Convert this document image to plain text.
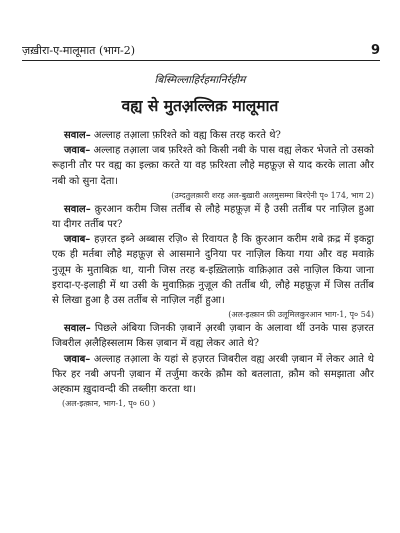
ज़ख़ीरा-ए-मालूमात (भाग-2)	9
बिस्मिल्लाहिर्रहमानिर्रहीम
वह्य से मुतअ़ल्लिक़ मालूमात
सवाल– अल्लाह तआ़ला फ़रिश्ते को वह्य किस तरह करते थे?
जवाब– अल्लाह तआ़ला जब फ़रिश्ते को किसी नबी के पास वह्य लेकर भेजते तो उसको रूहानी तौर पर वह्य का इल्क़ा करते या वह फ़रिश्ता लौहे महफ़ूज़ से याद करके लाता और नबी को सुना देता।
(उम्दतुलक़ारी शरह अल-बुख़ारी अलमुसम्मा बिरऐनी पृ० 174, भाग 2)
सवाल– क़ुरआन करीम जिस तर्तीब से लौहे महफ़ूज़ में है उसी तर्तीब पर नाज़िल हुआ या दीगर तर्तीब पर?
जवाब– हज़रत इब्ने अब्बास रज़ि० से रिवायत है कि क़ुरआन करीम शबे क़द्र में इकट्ठा एक ही मर्तबा लौहे महफ़ूज़ से आसमाने दुनिया पर नाज़िल किया गया और वह मवाक़े नुज़ूम के मुताबिक़ था, यानी जिस तरह ब-इख़्तिलाफ़े वाक़िआ़त उसे नाज़िल किया जाना इरादा-ए-इलाही में था उसी के मुवाफ़िक़ नुज़ूल की तर्तीब थी, लौहे महफ़ूज़ में जिस तर्तीब से लिखा हुआ है उस तर्तीब से नाज़िल नहीं हुआ।
(अल-इत्क़ान फ़ी उलूमिलक़ुरआन भाग-1, पृ० 54)
सवाल– पिछले अंबिया जिनकी ज़बानें अ़रबी ज़बान के अलावा थीं उनके पास हज़रत जिबरील अ़लैहिस्सलाम किस ज़बान में वह्य लेकर आते थे?
जवाब– अल्लाह तआ़ला के यहां से हज़रत जिबरील वह्य अरबी ज़बान में लेकर आते थे फिर हर नबी अपनी ज़बान में तर्जुमा करके क़ौम को बतलाता, क़ौम को समझाता और अह्काम ख़ुदावन्दी की तब्लीग़ करता था।
(अल-इत्क़ान, भाग-1, पृ० 60 )
